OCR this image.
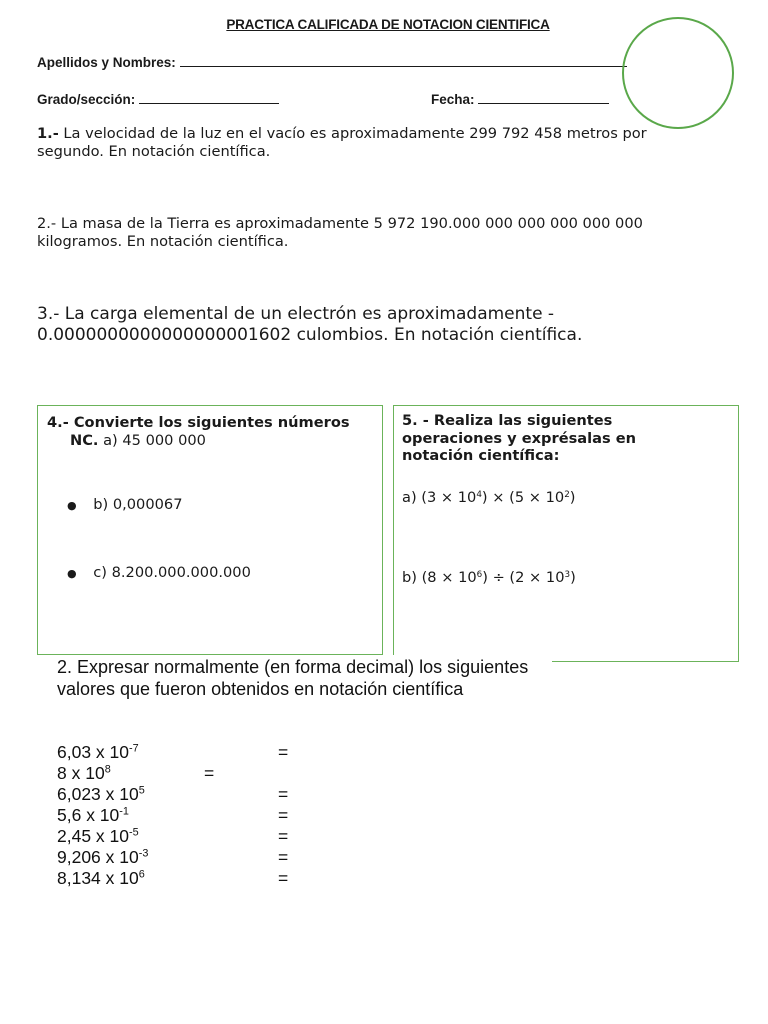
PRACTICA CALIFICADA DE NOTACION CIENTIFICA
Apellidos y Nombres:
Grado/sección:	Fecha:
1.- La velocidad de la luz en el vacío es aproximadamente 299 792 458 metros por segundo. En notación científica.
2.- La masa de la Tierra es aproximadamente 5 972 190.000 000 000 000 000 000 kilogramos. En notación científica.
3.- La carga elemental de un electrón es aproximadamente - 0.0000000000000000001602 culombios. En notación científica.
4.- Convierte los siguientes números
NC. a) 45 000 000
● b) 0,000067
● c) 8.200.000.000.000
5. - Realiza las siguientes operaciones y exprésalas en notación científica:
a) $(3 \times 10^4) \times (5 \times 10^2)$
b) $(8 \times 10^6) \div (2 \times 10^3)$
2. Expresar normalmente (en forma decimal) los siguientes valores que fueron obtenidos en notación científica
6,03 x $10^{-7}$
8 x $10^8$
6,023 x $10^5$
5,6 x $10^{-1}$
2,45 x $10^{-5}$
9,206 x $10^{-3}$
8,134 x $10^6$
=
=
=
=
=
=
=
